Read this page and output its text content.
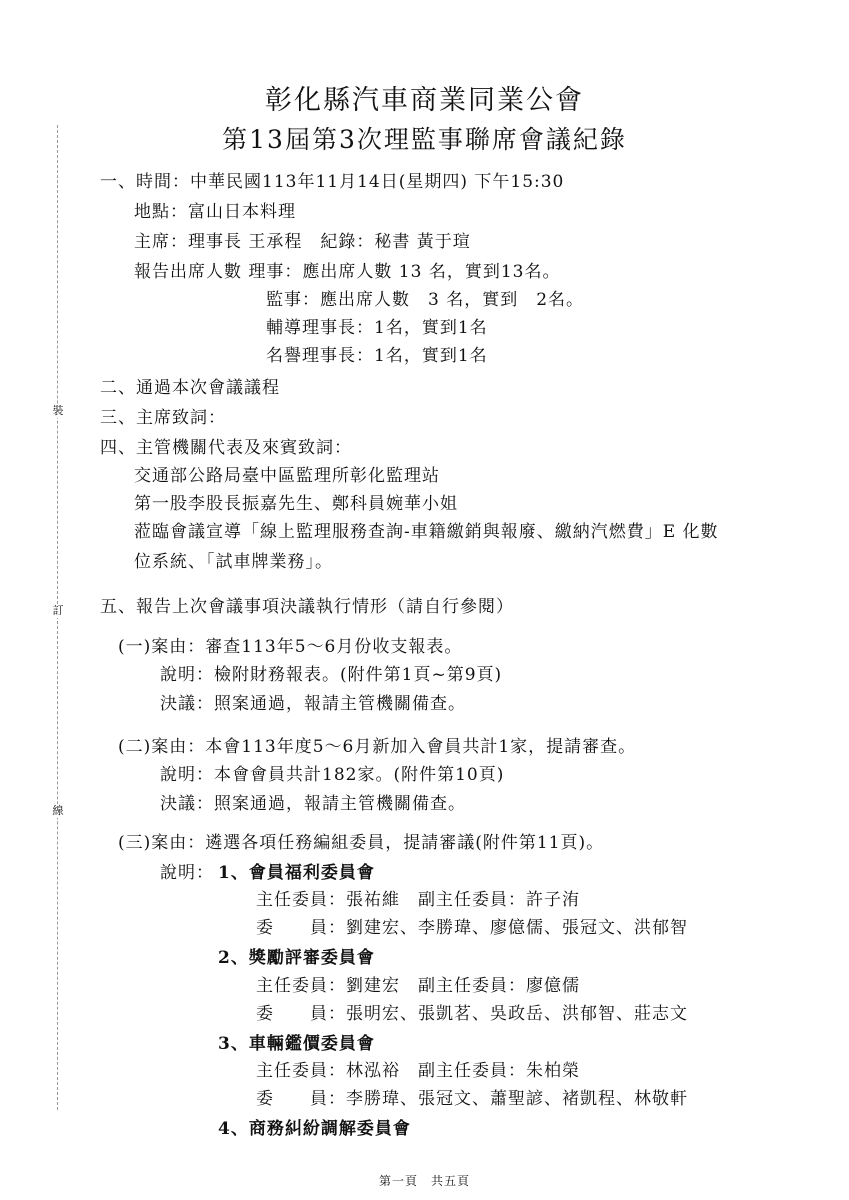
裝
訂
線
彰化縣汽車商業同業公會
第13屆第3次理監事聯席會議紀錄
一、時間：中華民國113年11月14日(星期四) 下午15:30
地點：富山日本料理
主席：理事長 王承程　紀錄：秘書 黃于瑄
報告出席人數 理事：應出席人數 13 名，實到13名。
監事：應出席人數　3 名，實到　2名。
輔導理事長：1名，實到1名
名譽理事長：1名，實到1名
二、通過本次會議議程
三、主席致詞：
四、主管機關代表及來賓致詞：
交通部公路局臺中區監理所彰化監理站
第一股李股長振嘉先生、鄭科員婉華小姐
蒞臨會議宣導「線上監理服務查詢-車籍繳銷與報廢、繳納汽燃費」E 化數
位系統、「試車牌業務」。
五、報告上次會議事項決議執行情形（請自行參閱）
(一)案由：審查113年5～6月份收支報表。
說明：檢附財務報表。(附件第1頁~第9頁)
決議：照案通過，報請主管機關備查。
(二)案由：本會113年度5～6月新加入會員共計1家，提請審查。
說明：本會會員共計182家。(附件第10頁)
決議：照案通過，報請主管機關備查。
(三)案由：遴選各項任務編組委員，提請審議(附件第11頁)。
說明： 1、會員福利委員會
主任委員：張祐維　副主任委員：許子洧
委　　員：劉建宏、李勝瑋、廖億儒、張冠文、洪郁智
2、獎勵評審委員會
主任委員：劉建宏　副主任委員：廖億儒
委　　員：張明宏、張凱茗、吳政岳、洪郁智、莊志文
3、車輛鑑價委員會
主任委員：林泓裕　副主任委員：朱柏榮
委　　員：李勝瑋、張冠文、蕭聖諺、褚凱程、林敬軒
4、商務糾紛調解委員會
第一頁　共五頁
